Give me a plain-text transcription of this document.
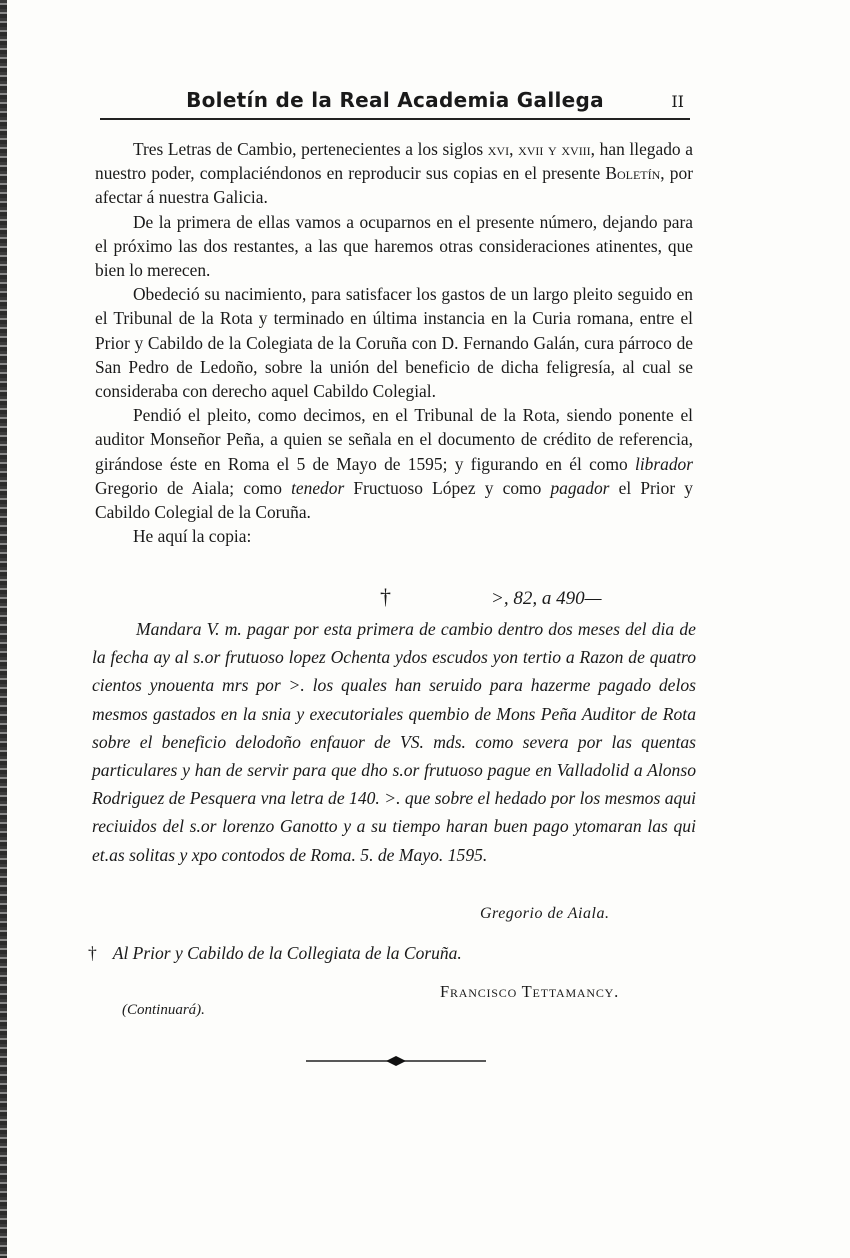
Boletín de la Real Academia Gallega	II

Tres Letras de Cambio, pertenecientes a los siglos xvi, xvii y xviii, han llegado a nuestro poder, complaciéndonos en reproducir sus copias en el presente Boletín, por afectar á nuestra Galicia.

De la primera de ellas vamos a ocuparnos en el presente número, dejando para el próximo las dos restantes, a las que haremos otras consideraciones atinentes, que bien lo merecen.

Obedeció su nacimiento, para satisfacer los gastos de un largo pleito seguido en el Tribunal de la Rota y terminado en última instancia en la Curia romana, entre el Prior y Cabildo de la Colegiata de la Coruña con D. Fernando Galán, cura párroco de San Pedro de Ledoño, sobre la unión del beneficio de dicha feligresía, al cual se consideraba con derecho aquel Cabildo Colegial.

Pendió el pleito, como decimos, en el Tribunal de la Rota, siendo ponente el auditor Monseñor Peña, a quien se señala en el documento de crédito de referencia, girándose éste en Roma el 5 de Mayo de 1595; y figurando en él como librador Gregorio de Aiala; como tenedor Fructuoso López y como pagador el Prior y Cabildo Colegial de la Coruña.

He aquí la copia:

†	>, 82, a 490—

Mandara V. m. pagar por esta primera de cambio dentro dos meses del dia de la fecha ay al s.or frutuoso lopez Ochenta ydos escudos yon tertio a Razon de quatro cientos ynouenta mrs por >. los quales han seruido para hazerme pagado delos mesmos gastados en la snia y executoriales quembio de Mons Peña Auditor de Rota sobre el beneficio delodoño enfauor de VS. mds. como severa por las quentas particulares y han de servir para que dho s.or frutuoso pague en Valladolid a Alonso Rodriguez de Pesquera vna letra de 140. >. que sobre el hedado por los mesmos aqui reciuidos del s.or lorenzo Ganotto y a su tiempo haran buen pago ytomaran las qui et.as solitas y xpo contodos de Roma. 5. de Mayo. 1595.

Gregorio de Aiala.
† Al Prior y Cabildo de la Collegiata de la Coruña.
Francisco Tettamancy.
(Continuará).
